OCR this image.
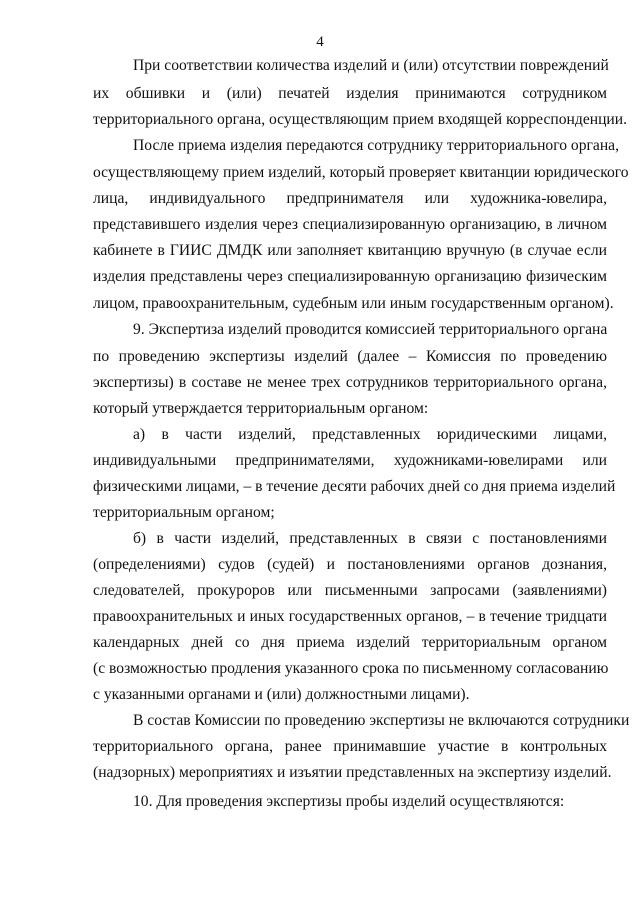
4
При соответствии количества изделий и (или) отсутствии повреждений
их обшивки и (или) печатей изделия принимаются сотрудником
территориального органа, осуществляющим прием входящей корреспонденции.
После приема изделия передаются сотруднику территориального органа,
осуществляющему прием изделий, который проверяет квитанции юридического
лица, индивидуального предпринимателя или художника-ювелира,
представившего изделия через специализированную организацию, в личном
кабинете в ГИИС ДМДК или заполняет квитанцию вручную (в случае если
изделия представлены через специализированную организацию физическим
лицом, правоохранительным, судебным или иным государственным органом).
9. Экспертиза изделий проводится комиссией территориального органа
по проведению экспертизы изделий (далее – Комиссия по проведению
экспертизы) в составе не менее трех сотрудников территориального органа,
который утверждается территориальным органом:
а) в части изделий, представленных юридическими лицами,
индивидуальными предпринимателями, художниками-ювелирами или
физическими лицами, – в течение десяти рабочих дней со дня приема изделий
территориальным органом;
б) в части изделий, представленных в связи с постановлениями
(определениями) судов (судей) и постановлениями органов дознания,
следователей, прокуроров или письменными запросами (заявлениями)
правоохранительных и иных государственных органов, – в течение тридцати
календарных дней со дня приема изделий территориальным органом
(с возможностью продления указанного срока по письменному согласованию
с указанными органами и (или) должностными лицами).
В состав Комиссии по проведению экспертизы не включаются сотрудники
территориального органа, ранее принимавшие участие в контрольных
(надзорных) мероприятиях и изъятии представленных на экспертизу изделий.
10. Для проведения экспертизы пробы изделий осуществляются:
